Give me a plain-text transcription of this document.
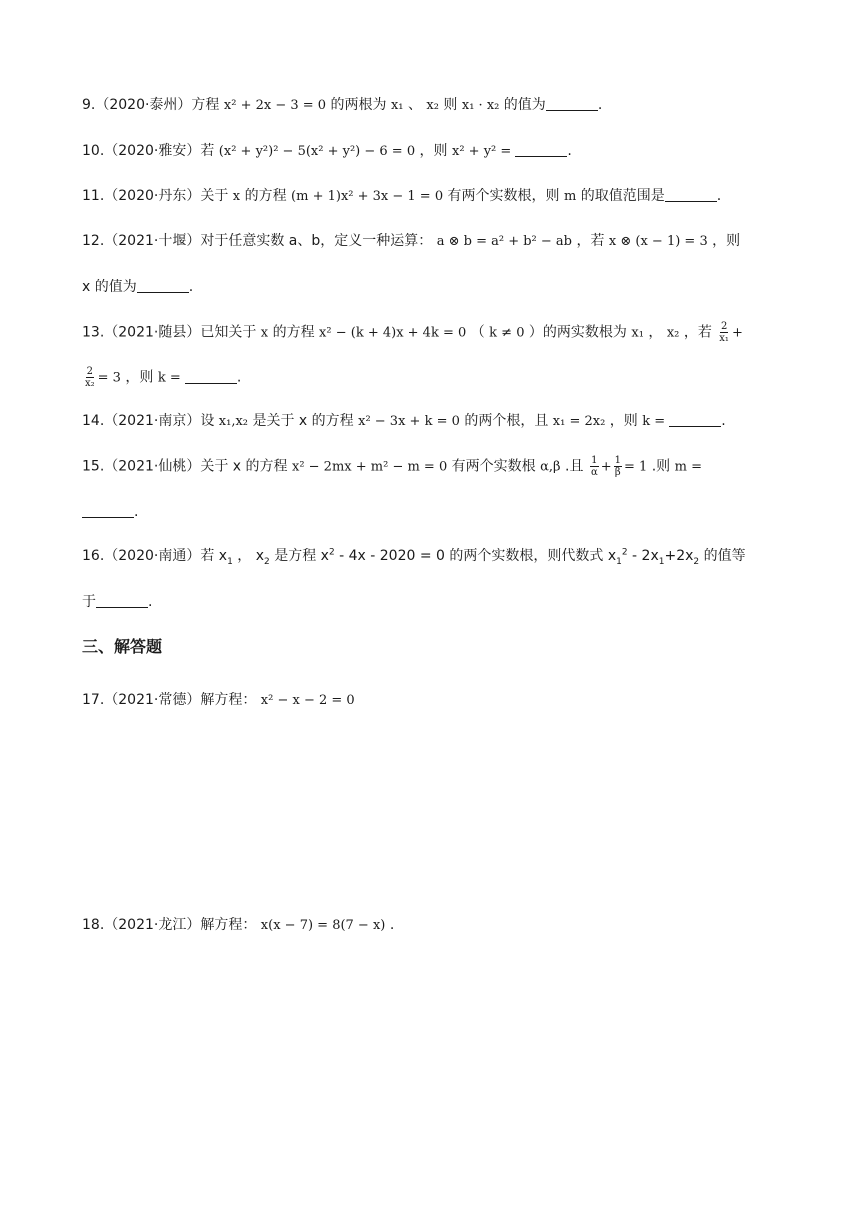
9.（2020·泰州）方程 x² + 2x − 3 = 0 的两根为 x₁ 、 x₂ 则 x₁ · x₂ 的值为	.
10.（2020·雅安）若 (x² + y²)² − 5(x² + y²) − 6 = 0 ，则 x² + y² =	.
11.（2020·丹东）关于 x 的方程 (m + 1)x² + 3x − 1 = 0 有两个实数根，则 m 的取值范围是	.
12.（2021·十堰）对于任意实数 a、b，定义一种运算： a ⊗ b = a² + b² − ab ，若 x ⊗ (x − 1) = 3 ，则
x 的值为	.
13.（2021·随县）已知关于 x 的方程 x² − (k + 4)x + 4k = 0 （ k ≠ 0 ）的两实数根为 x₁ ， x₂ ，若 $\frac{2}{\text{x₁}}$ +
$\frac{2}{\text{x₂}} = 3$ ，则 k =	.
14.（2021·南京）设 x₁,x₂ 是关于 x 的方程 x² − 3x + k = 0 的两个根，且 x₁ = 2x₂ ，则 k =	.
15.（2021·仙桃）关于 x 的方程 x² − 2mx + m² − m = 0 有两个实数根 α,β .且 $\frac{1}{\alpha} + \frac{1}{\beta} = 1$ .则 m =
.
16.（2020·南通）若 $x_1$ ， $x_2$ 是方程 $x^2 - 4x - 2020 = 0$ 的两个实数根，则代数式 $x_1^2 - 2x_1+2x_2$ 的值等
于	.
三、解答题
17.（2021·常德）解方程： x² − x − 2 = 0
18.（2021·龙江）解方程： x(x − 7) = 8(7 − x) .
